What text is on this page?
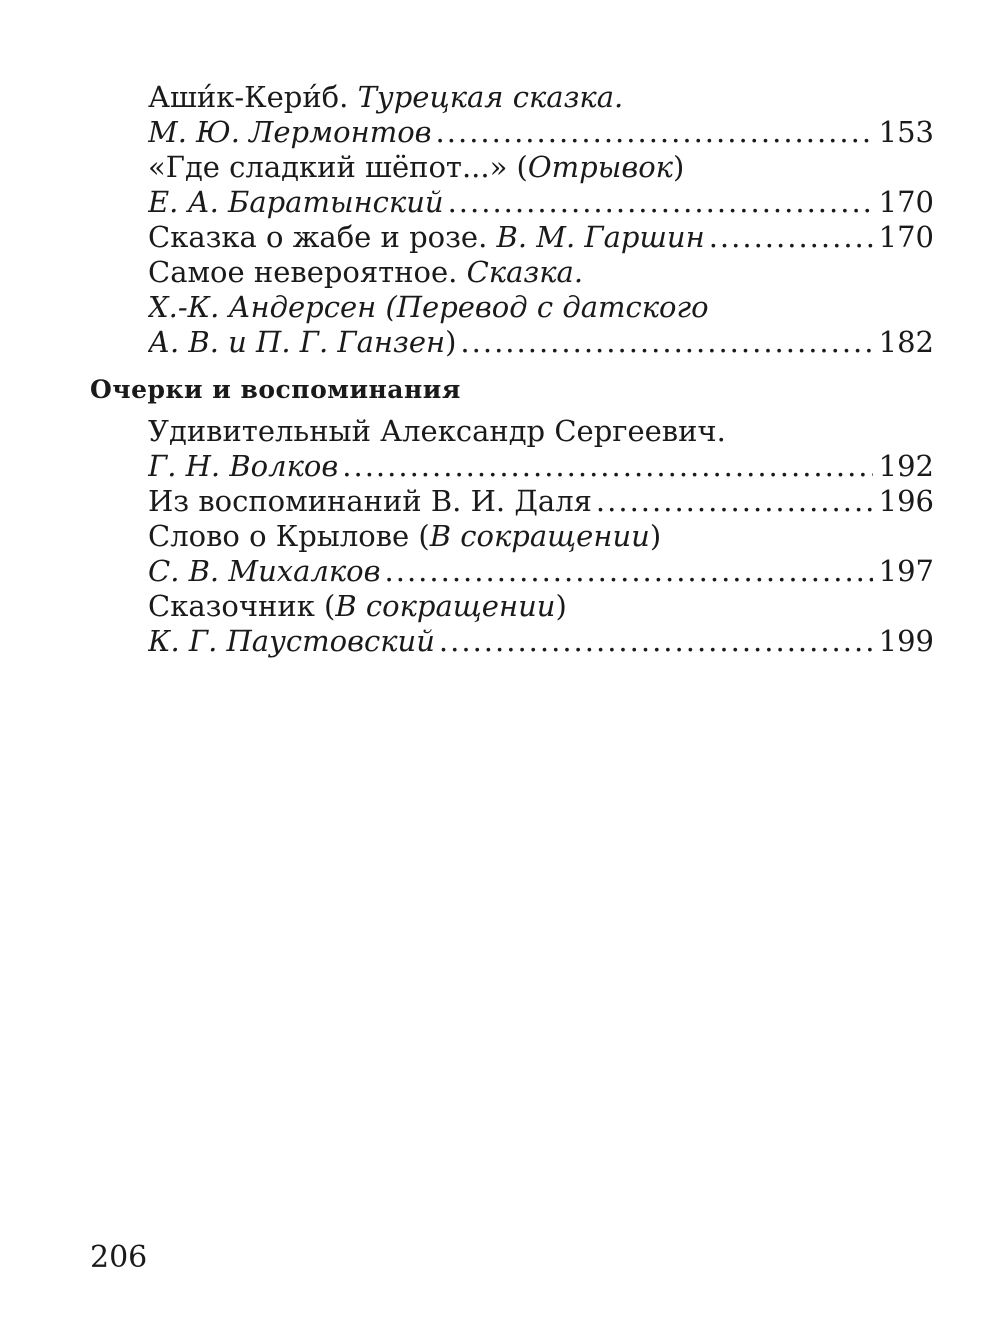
Аши́к-Кери́б. Турецкая сказка.
М. Ю. Лермонтов .....	153
«Где сладкий шёпот...» (Отрывок)
Е. А. Баратынский .....	170
Сказка о жабе и розе. В. М. Гаршин .....	170
Самое невероятное. Сказка.
Х.-К. Андерсен (Перевод с датского
А. В. и П. Г. Ганзен) .....	182
Очерки и воспоминания
Удивительный Александр Сергеевич.
Г. Н. Волков .....	192
Из воспоминаний В. И. Даля .....	196
Слово о Крылове (В сокращении)
С. В. Михалков .....	197
Сказочник (В сокращении)
К. Г. Паустовский .....	199
206
